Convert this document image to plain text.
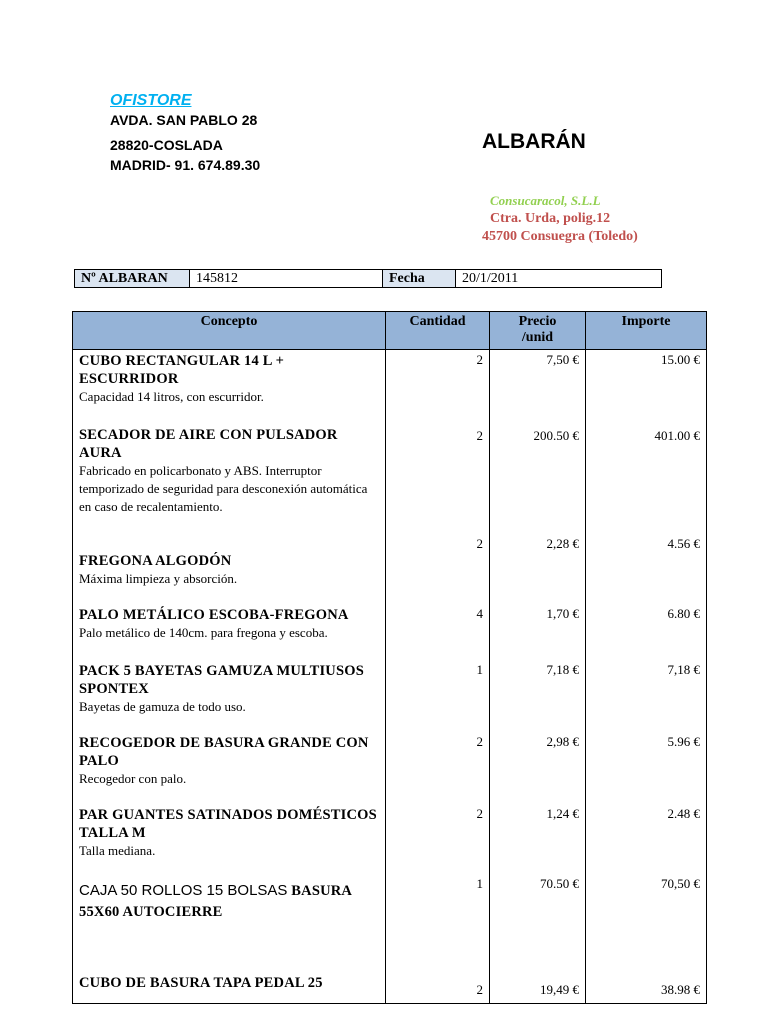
OFISTORE
AVDA. SAN PABLO 28
28820-COSLADA
MADRID- 91. 674.89.30
ALBARÁN
Consucaracol, S.L.L
Ctra. Urda, polig.12
45700 Consuegra (Toledo)
Nº ALBARAN	145812	Fecha	20/1/2011
Concepto	Cantidad	Precio
/unid	Importe

CUBO RECTANGULAR 14 L + ESCURRIDOR
Capacidad 14 litros, con escurridor.	2	7,50 €	15.00 €

SECADOR DE AIRE CON PULSADOR AURA
Fabricado en policarbonato y ABS. Interruptor temporizado de seguridad para desconexión automática en caso de recalentamiento.	2	200.50 €	401.00 €

FREGONA ALGODÓN
Máxima limpieza y absorción.	2	2,28 €	4.56 €

PALO METÁLICO ESCOBA-FREGONA
Palo metálico de 140cm. para fregona y escoba.	4	1,70 €	6.80 €

PACK 5 BAYETAS GAMUZA MULTIUSOS SPONTEX
Bayetas de gamuza de todo uso.	1	7,18 €	7,18 €

RECOGEDOR DE BASURA GRANDE CON PALO
Recogedor con palo.	2	2,98 €	5.96 €

PAR GUANTES SATINADOS DOMÉSTICOS TALLA M
Talla mediana.	2	1,24 €	2.48 €

CAJA 50 ROLLOS 15 BOLSAS BASURA 55X60 AUTOCIERRE	1	70.50 €	70,50 €

CUBO DE BASURA TAPA PEDAL 25	2	19,49 €	38.98 €
